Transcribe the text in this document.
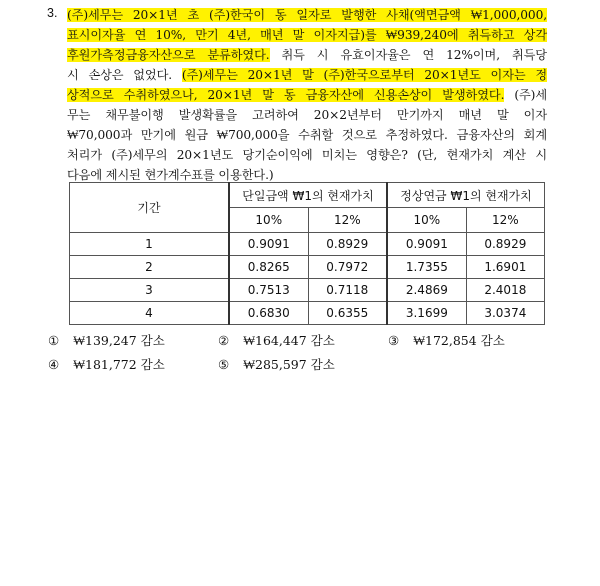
3. (주)세무는 20×1년 초 (주)한국이 동 일자로 발행한 사채(액면금액 ₩1,000,000,
표시이자율 연 10%, 만기 4년, 매년 말 이자지급)를 ₩939,240에 취득하고 상각
후원가측정금융자산으로 분류하였다. 취득 시 유효이자율은 연 12%이며, 취득당
시 손상은 없었다. (주)세무는 20×1년 말 (주)한국으로부터 20×1년도 이자는 정
상적으로 수취하였으나, 20×1년 말 동 금융자산에 신용손상이 발생하였다. (주)세
무는 채무불이행 발생확률을 고려하여 20×2년부터 만기까지 매년 말 이자
₩70,000과 만기에 원금 ₩700,000을 수취할 것으로 추정하였다. 금융자산의 회계
처리가 (주)세무의 20×1년도 당기순이익에 미치는 영향은? (단, 현재가치 계산 시
다음에 제시된 현가계수표를 이용한다.)
기간	단일금액 ₩1의 현재가치		정상연금 ₩1의 현재가치	
	10%	12%	10%	12%
1	0.9091	0.8929	0.9091	0.8929
2	0.8265	0.7972	1.7355	1.6901
3	0.7513	0.7118	2.4869	2.4018
4	0.6830	0.6355	3.1699	3.0374
① ₩139,247 감소	② ₩164,447 감소	③ ₩172,854 감소
④ ₩181,772 감소	⑤ ₩285,597 감소
